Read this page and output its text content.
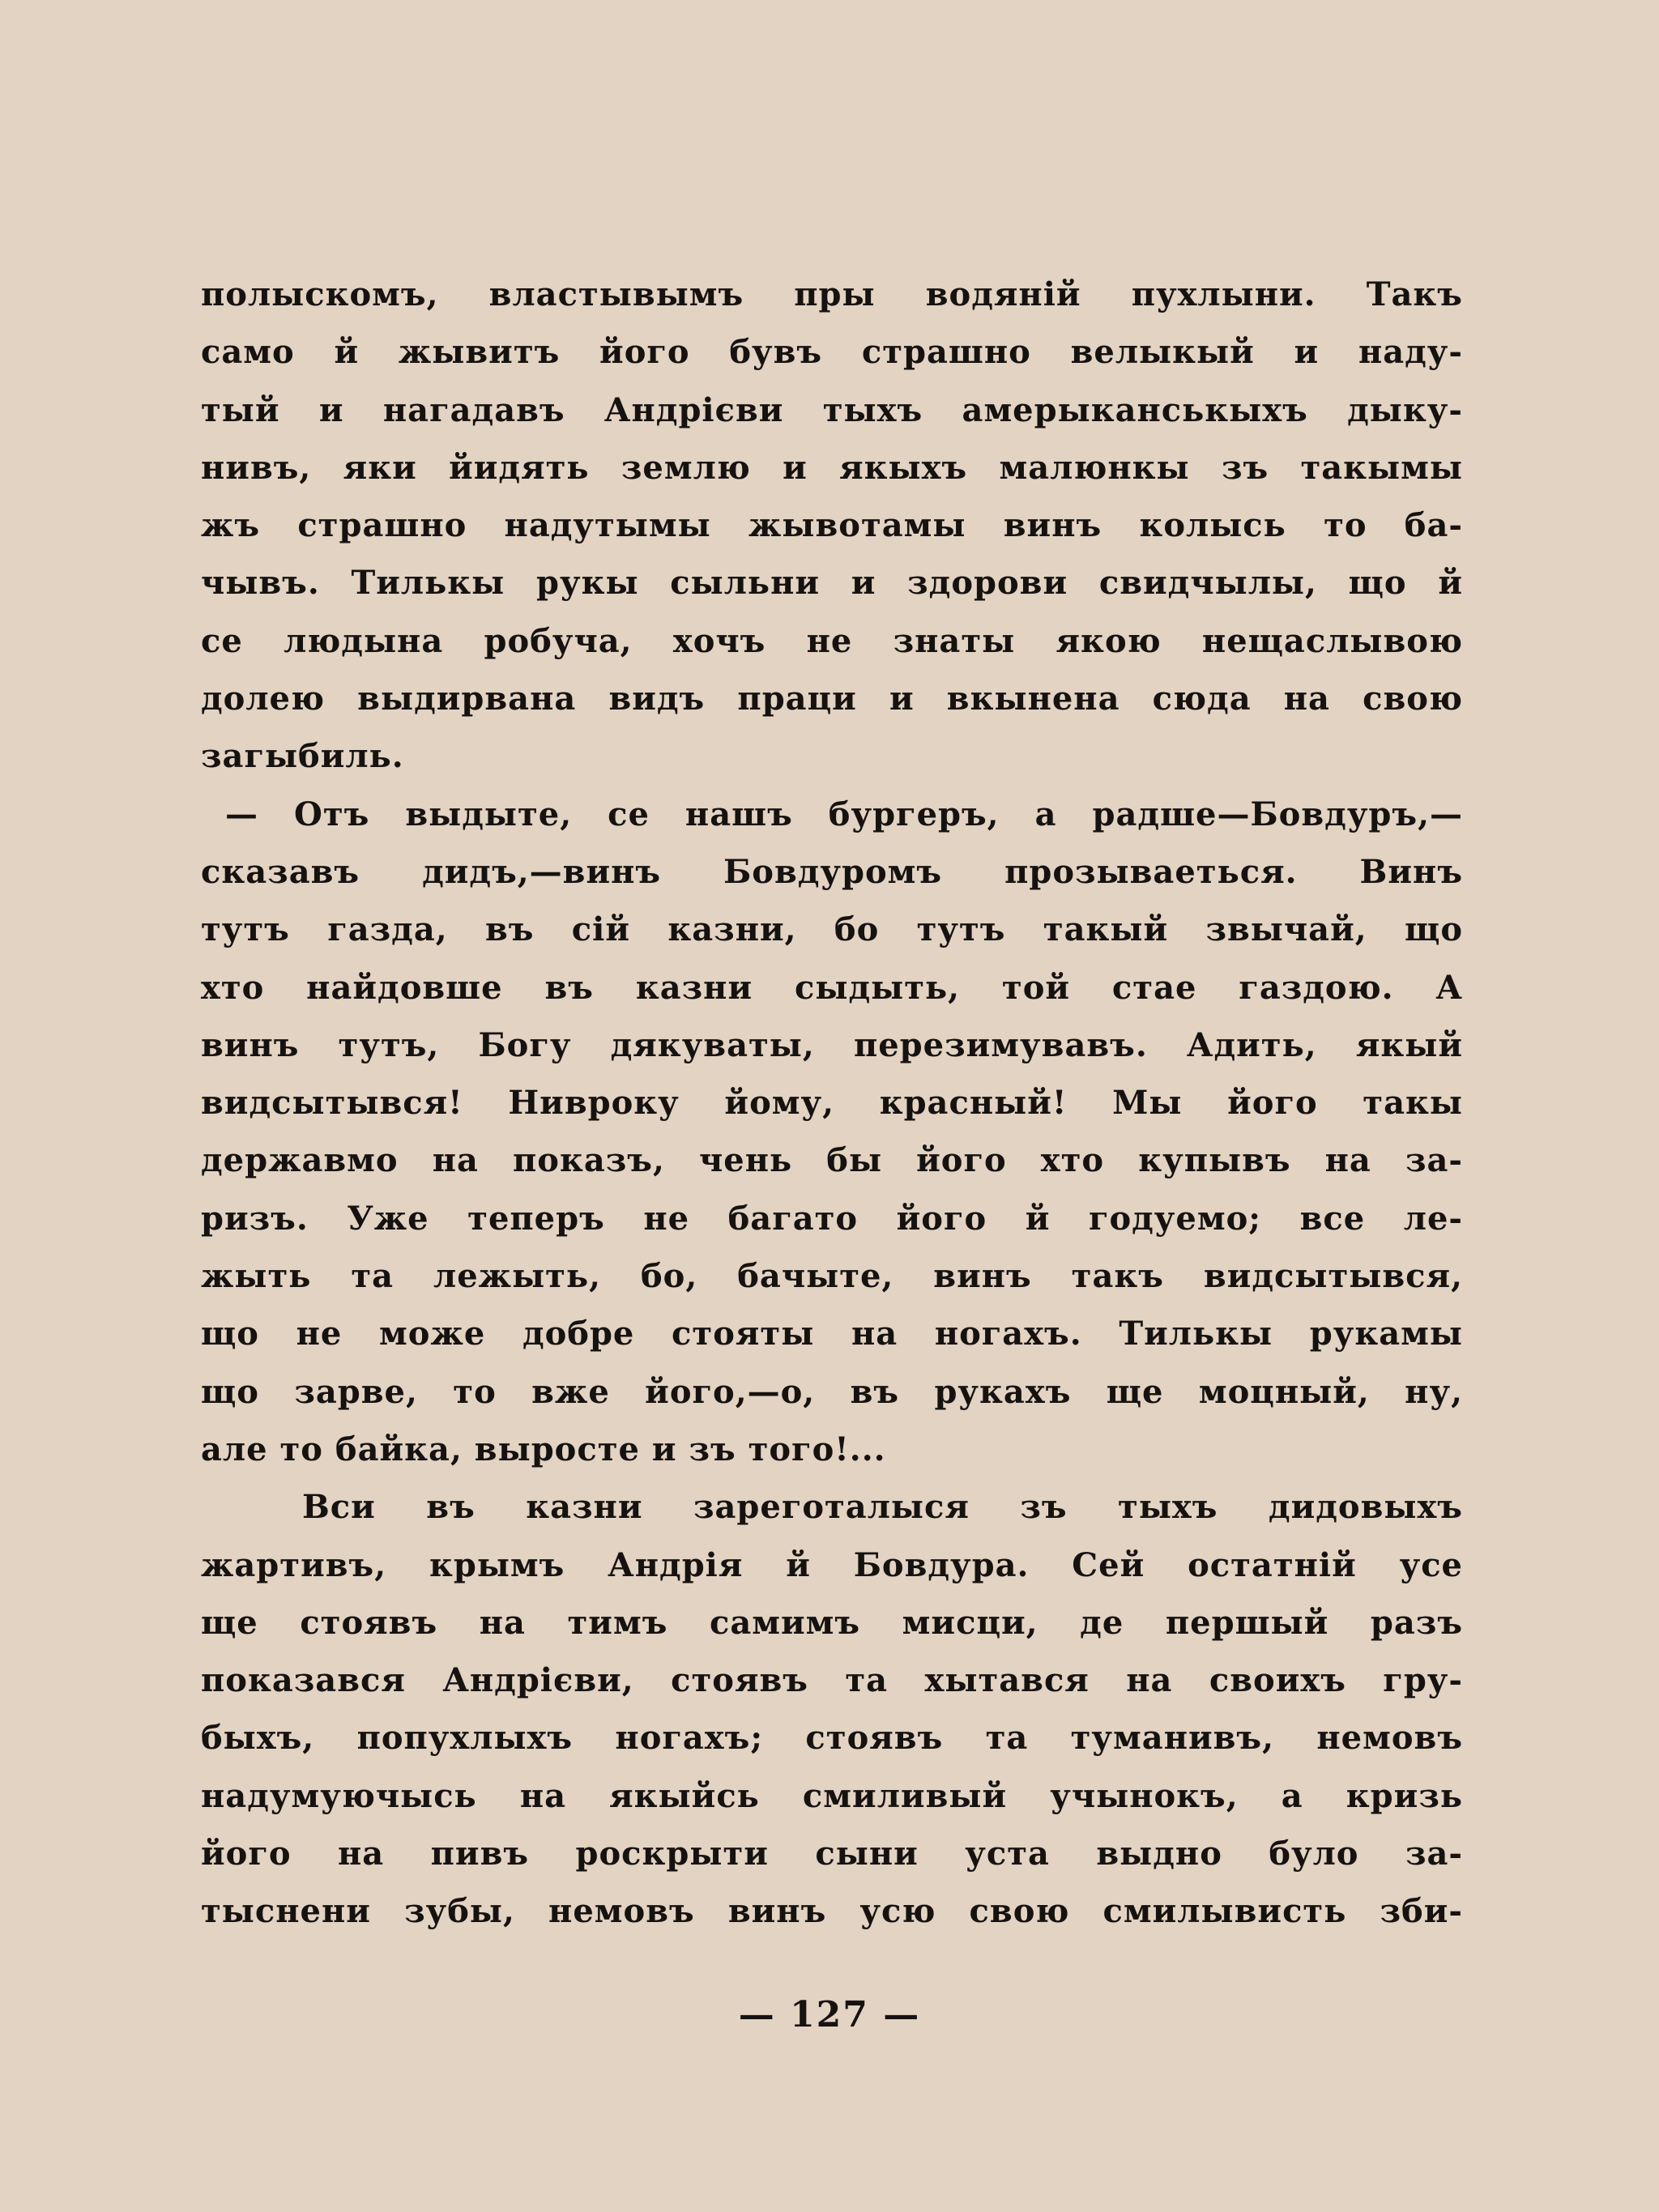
полыскомъ, властывымъ пры водяній пухлыни. Такъ
само й жывитъ його бувъ страшно велыкый и наду-
тый и нагадавъ Андрієви тыхъ амерыканськыхъ дыку-
нивъ, яки йидять землю и якыхъ малюнкы зъ такымы
жъ страшно надутымы жывотамы винъ колысь то ба-
чывъ. Тилькы рукы сыльни и здорови свидчылы, що й
се людына робуча, хочъ не знаты якою нещаслывою
долею выдирвана видъ праци и вкынена сюда на свою
загыбиль.
— Отъ выдыте, се нашъ бургеръ, а радше—Бовдуръ,—
сказавъ дидъ,—винъ Бовдуромъ прозываеться. Винъ
тутъ газда, въ сій казни, бо тутъ такый звычай, що
хто найдовше въ казни сыдыть, той стае газдою. А
винъ тутъ, Богу дякуваты, перезимувавъ. Адить, якый
видсытывся! Нивроку йому, красный! Мы його такы
державмо на показъ, чень бы його хто купывъ на за-
ризъ. Уже теперъ не багато його й годуемо; все ле-
жыть та лежыть, бо, бачыте, винъ такъ видсытывся,
що не може добре стояты на ногахъ. Тилькы рукамы
що зарве, то вже його,—о, въ рукахъ ще моцный, ну,
але то байка, выросте и зъ того!...
Вси въ казни зареготалыся зъ тыхъ дидовыхъ
жартивъ, крымъ Андрія й Бовдура. Сей остатній усе
ще стоявъ на тимъ самимъ мисци, де першый разъ
показався Андрієви, стоявъ та хытався на своихъ гру-
быхъ, попухлыхъ ногахъ; стоявъ та туманивъ, немовъ
надумуючысь на якыйсь смиливый учынокъ, а кризь
його на пивъ роскрыти сыни уста выдно було за-
тыснени зубы, немовъ винъ усю свою смилывисть зби-
— 127 —
